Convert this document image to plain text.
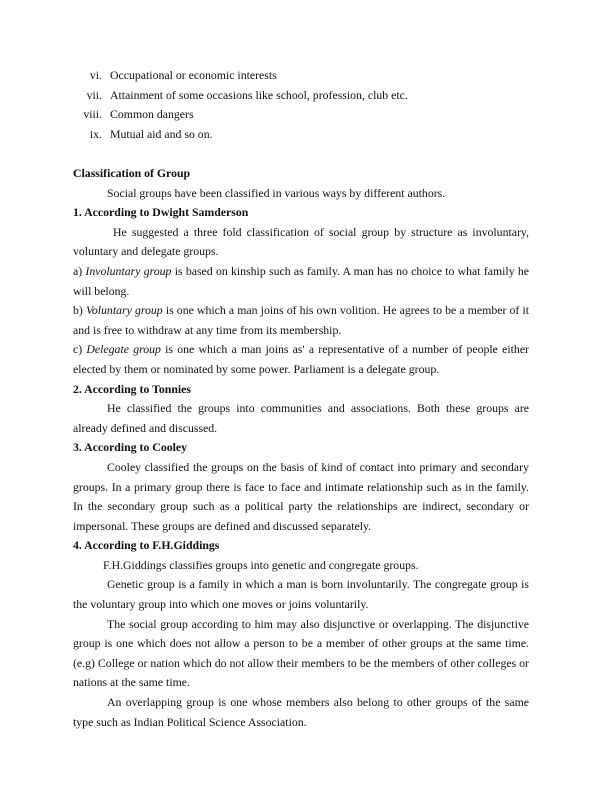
vi. Occupational or economic interests
vii. Attainment of some occasions like school, profession, club etc.
viii. Common dangers
ix. Mutual aid and so on.

Classification of Group

Social groups have been classified in various ways by different authors.

1. According to Dwight Samderson

He suggested a three fold classification of social group by structure as involuntary, voluntary and delegate groups.

a) Involuntary group is based on kinship such as family. A man has no choice to what family he will belong.

b) Voluntary group is one which a man joins of his own volition. He agrees to be a member of it and is free to withdraw at any time from its membership.

c) Delegate group is one which a man joins as' a representative of a number of people either elected by them or nominated by some power. Parliament is a delegate group.

2. According to Tonnies

He classified the groups into communities and associations. Both these groups are already defined and discussed.

3. According to Cooley

Cooley classified the groups on the basis of kind of contact into primary and secondary groups. In a primary group there is face to face and intimate relationship such as in the family. In the secondary group such as a political party the relationships are indirect, secondary or impersonal. These groups are defined and discussed separately.

4. According to F.H.Giddings

F.H.Giddings classifies groups into genetic and congregate groups.

Genetic group is a family in which a man is born involuntarily. The congregate group is the voluntary group into which one moves or joins voluntarily.

The social group according to him may also disjunctive or overlapping. The disjunctive group is one which does not allow a person to be a member of other groups at the same time. (e.g) College or nation which do not allow their members to be the members of other colleges or nations at the same time.

An overlapping group is one whose members also belong to other groups of the same type such as Indian Political Science Association.
